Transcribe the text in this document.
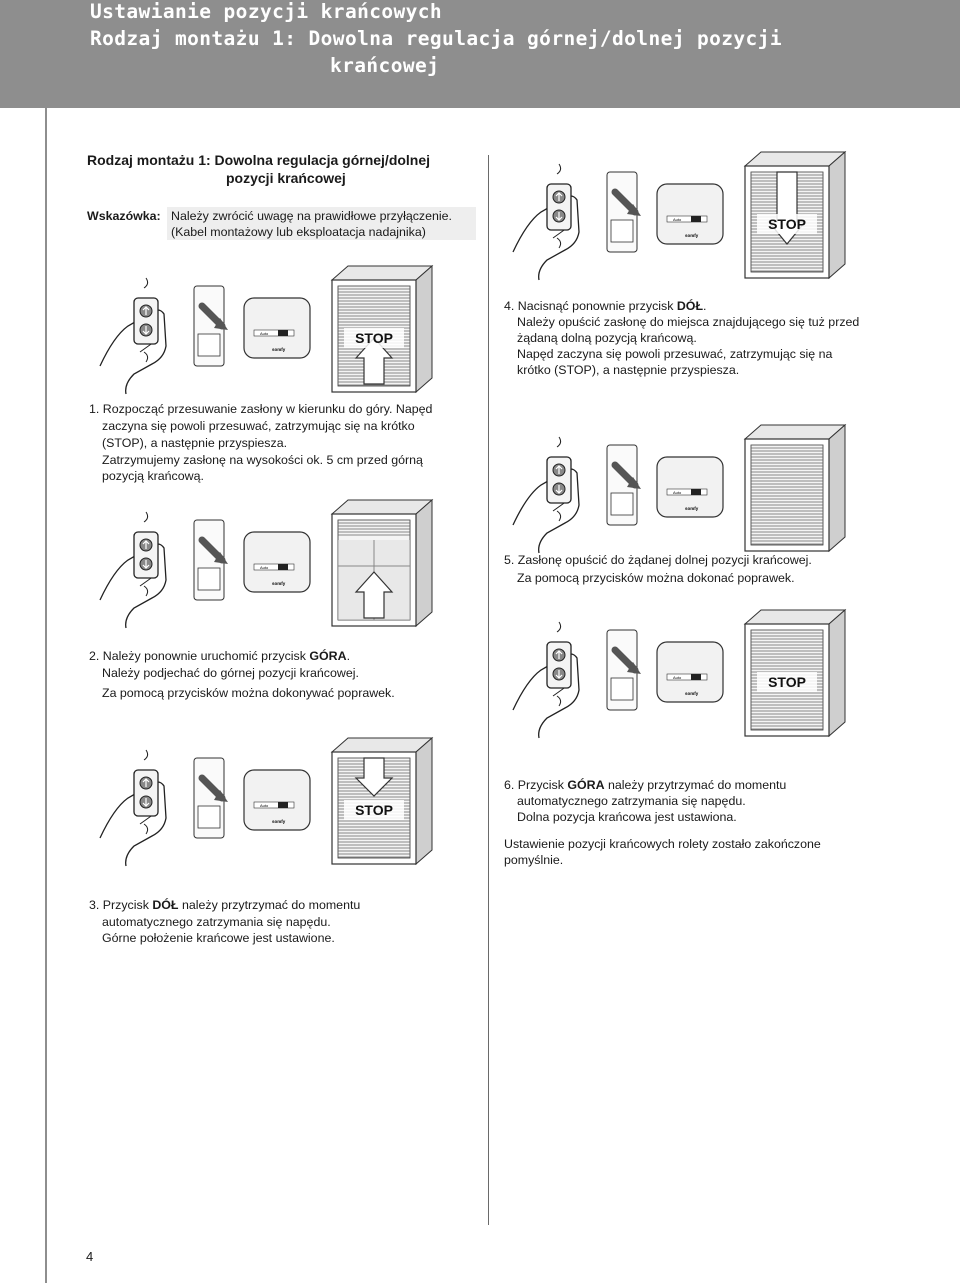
Ustawianie pozycji krańcowych
Rodzaj montażu 1: Dowolna regulacja górnej/dolnej pozycji
krańcowej
Rodzaj montażu 1: Dowolna regulacja górnej/dolnej
pozycji krańcowej
Wskazówka: Należy zwrócić uwagę na prawidłowe przyłączenie.
(Kabel montażowy lub eksploatacja nadajnika)
1. Rozpocząć przesuwanie zasłony w kierunku do góry. Napęd
zaczyna się powoli przesuwać, zatrzymując się na krótko
(STOP), a następnie przyspiesza.
Zatrzymujemy zasłonę na wysokości ok. 5 cm przed górną
pozycją krańcową.
2. Należy ponownie uruchomić przycisk GÓRA.
Należy podjechać do górnej pozycji krańcowej.
Za pomocą przycisków można dokonywać poprawek.
3. Przycisk DÓŁ należy przytrzymać do momentu
automatycznego zatrzymania się napędu.
Górne położenie krańcowe jest ustawione.
4. Nacisnąć ponownie przycisk DÓŁ.
Należy opuścić zasłonę do miejsca znajdującego się tuż przed
żądaną dolną pozycją krańcową.
Napęd zaczyna się powoli przesuwać, zatrzymując się na
krótko (STOP), a następnie przyspiesza.
5. Zasłonę opuścić do żądanej dolnej pozycji krańcowej.
Za pomocą przycisków można dokonać poprawek.
6. Przycisk GÓRA należy przytrzymać do momentu
automatycznego zatrzymania się napędu.
Dolna pozycja krańcowa jest ustawiona.
Ustawienie pozycji krańcowych rolety zostało zakończone
pomyślnie.
4
Auto
somfy
STOP
Auto
somfy
STOP
Auto
somfy
Auto
somfy
Auto
somfy
STOP
Auto
somfy
STOP
